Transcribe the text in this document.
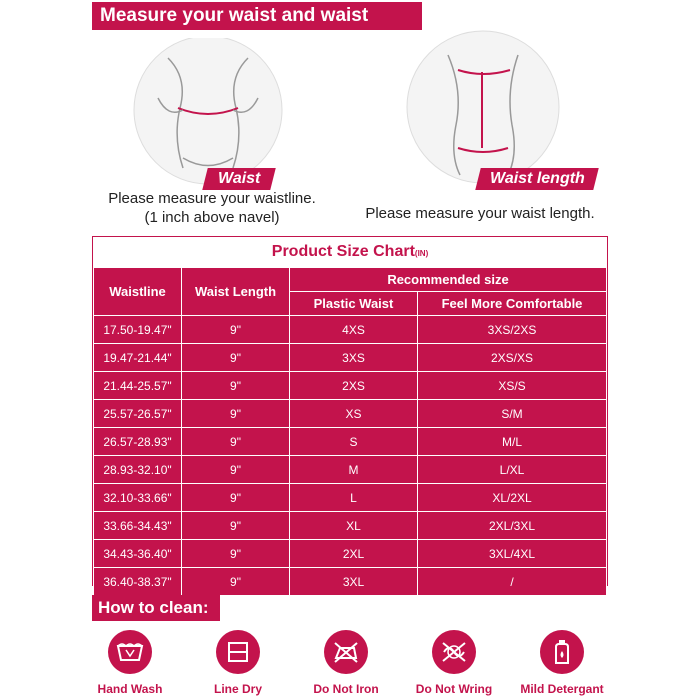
Measure your waist and waist length:
Waist	Waist length
Please measure your waistline.
(1 inch above navel)	Please measure your waist length.
Product Size Chart(IN)
Waistline	Waist Length	Recommended size	
		Plastic Waist	Feel More Comfortable
17.50-19.47"	9"	4XS	3XS/2XS
19.47-21.44"	9"	3XS	2XS/XS
21.44-25.57"	9"	2XS	XS/S
25.57-26.57"	9"	XS	S/M
26.57-28.93"	9"	S	M/L
28.93-32.10"	9"	M	L/XL
32.10-33.66"	9"	L	XL/2XL
33.66-34.43"	9"	XL	2XL/3XL
34.43-36.40"	9"	2XL	3XL/4XL
36.40-38.37"	9"	3XL	/
How to clean:
Hand Wash	Line Dry	Do Not Iron	Do Not Wring	Mild Detergant
